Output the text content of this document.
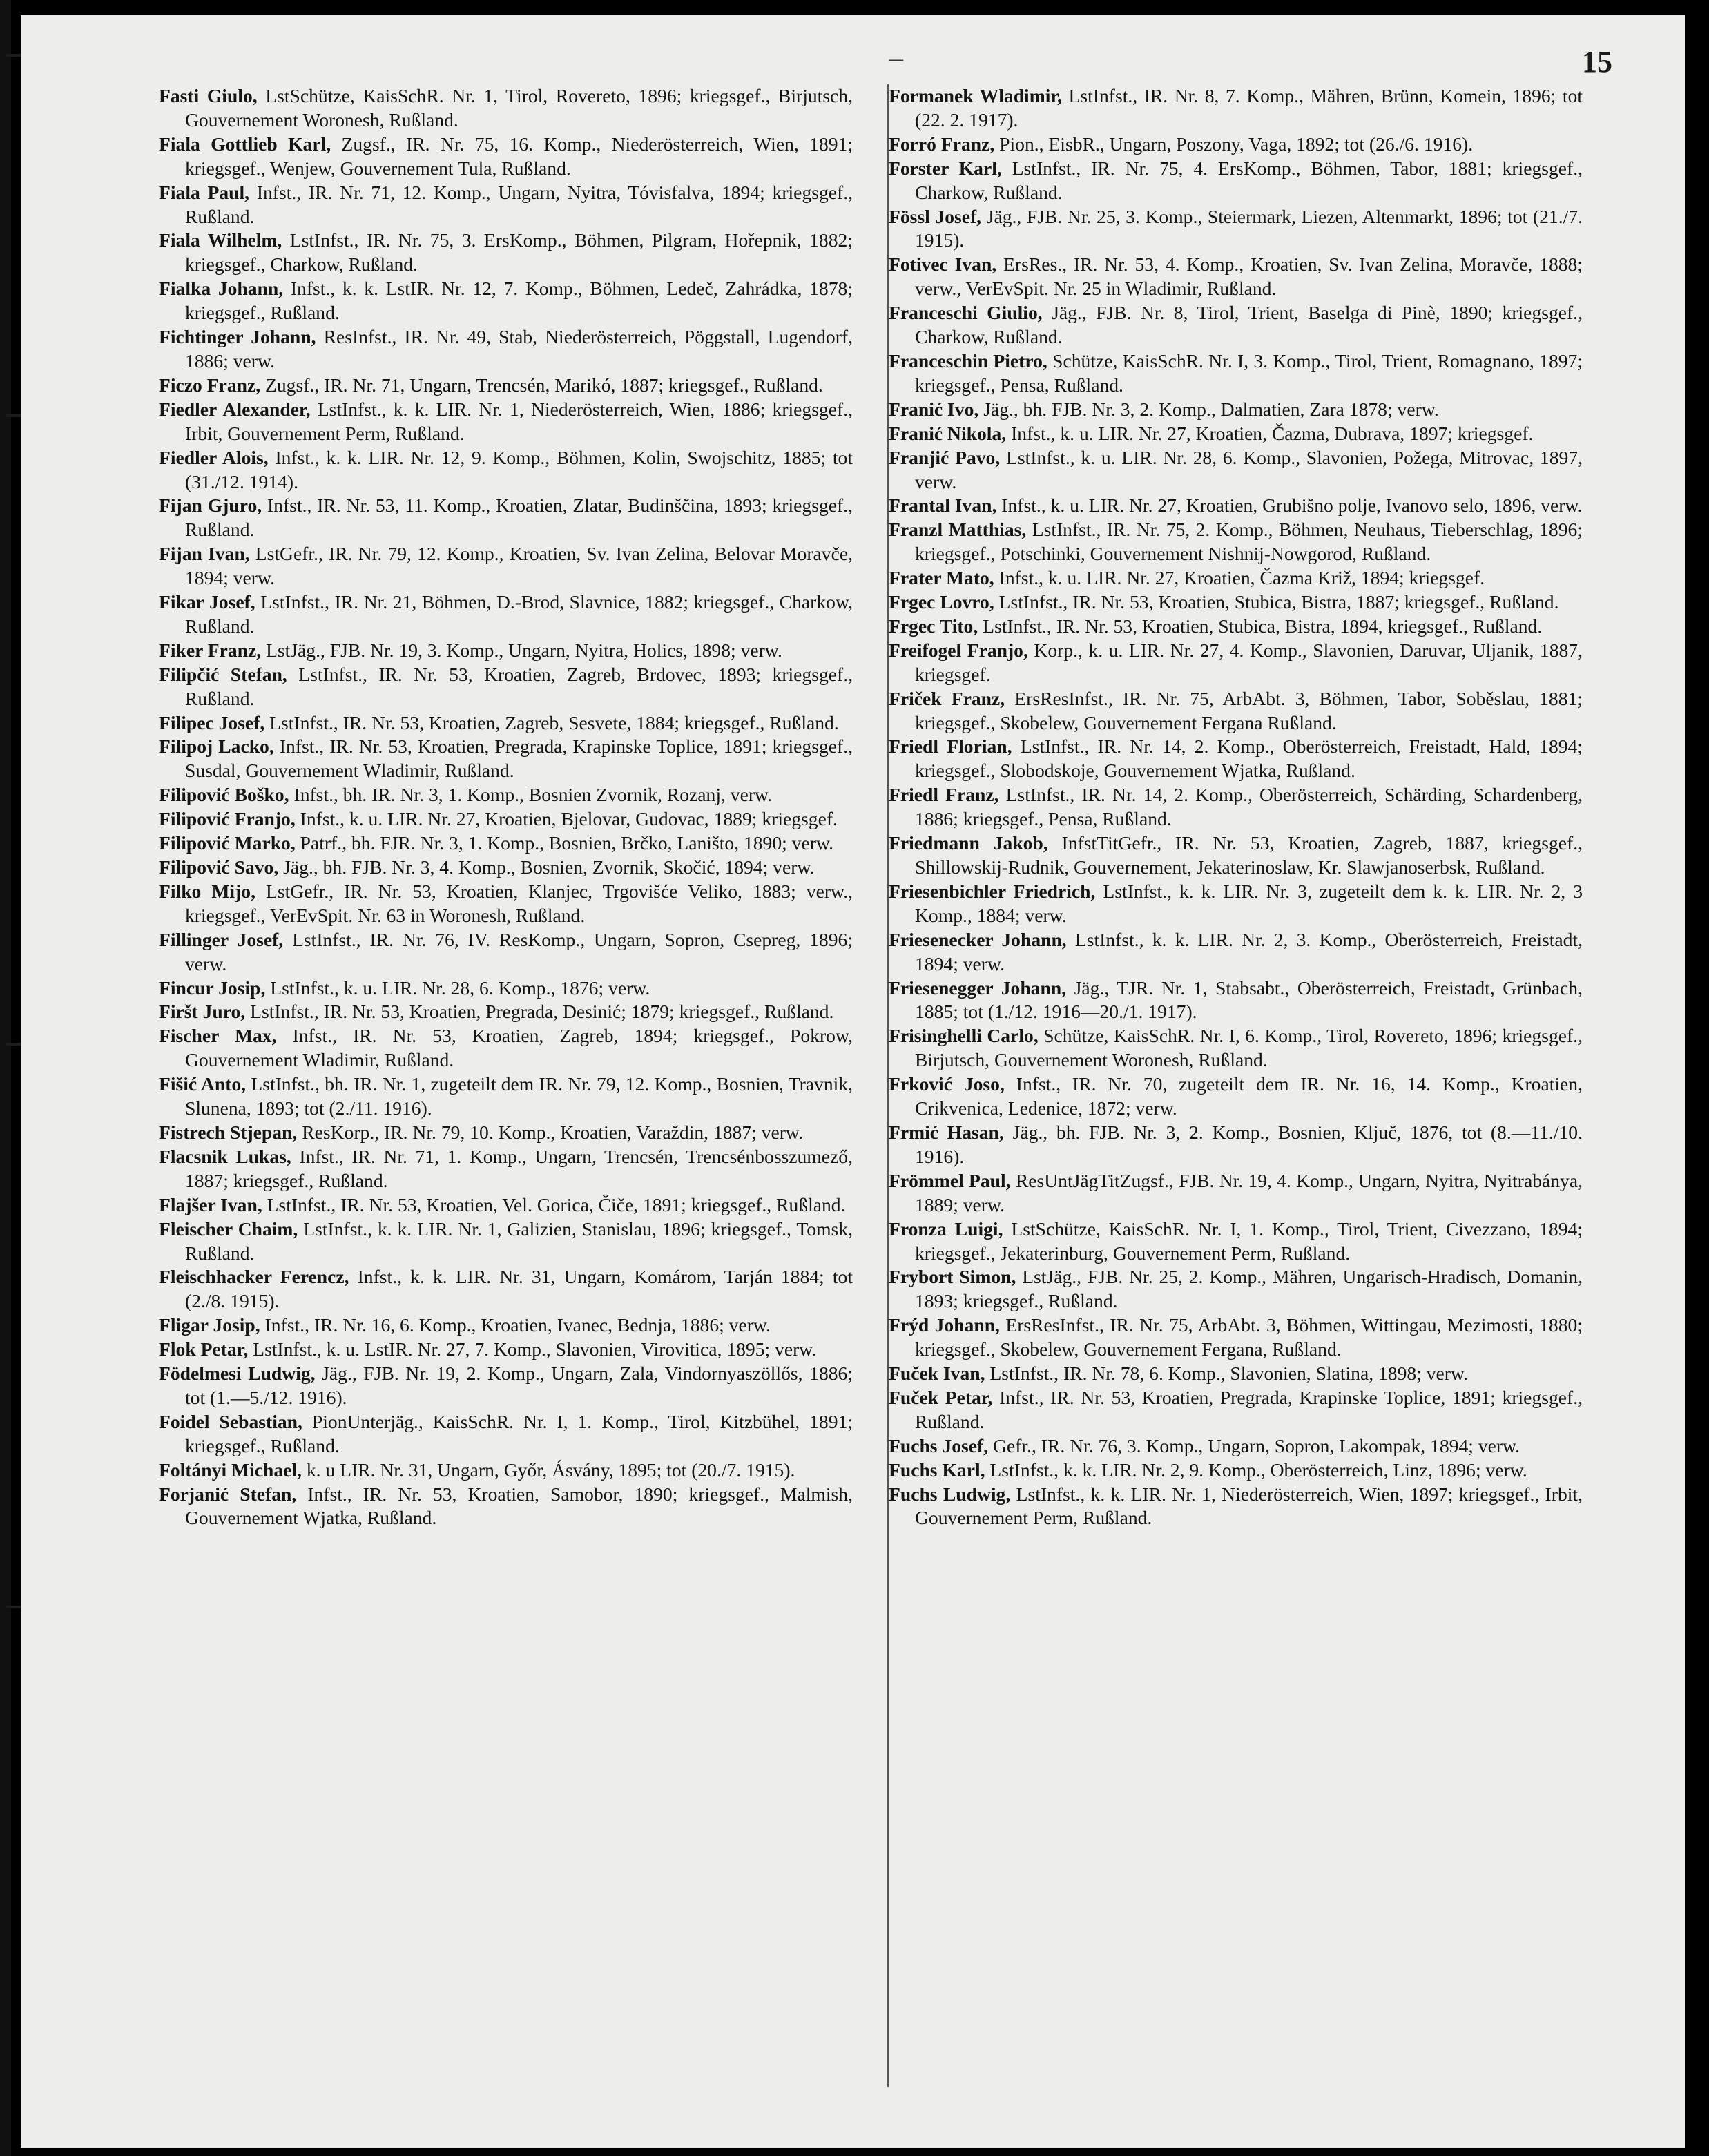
–	15

Fasti Giulo, LstSchütze, KaisSchR. Nr. 1, Tirol, Rovereto, 1896; kriegsgef., Birjutsch, Gouvernement Woronesh, Rußland.

Fiala Gottlieb Karl, Zugsf., IR. Nr. 75, 16. Komp., Niederösterreich, Wien, 1891; kriegsgef., Wenjew, Gouvernement Tula, Rußland.

Fiala Paul, Infst., IR. Nr. 71, 12. Komp., Ungarn, Nyitra, Tóvisfalva, 1894; kriegsgef., Rußland.

Fiala Wilhelm, LstInfst., IR. Nr. 75, 3. ErsKomp., Böhmen, Pilgram, Hořepnik, 1882; kriegsgef., Charkow, Rußland.

Fialka Johann, Infst., k. k. LstIR. Nr. 12, 7. Komp., Böhmen, Ledeč, Zahrádka, 1878; kriegsgef., Rußland.

Fichtinger Johann, ResInfst., IR. Nr. 49, Stab, Niederösterreich, Pöggstall, Lugendorf, 1886; verw.

Ficzo Franz, Zugsf., IR. Nr. 71, Ungarn, Trencsén, Marikó, 1887; kriegsgef., Rußland.

Fiedler Alexander, LstInfst., k. k. LIR. Nr. 1, Niederösterreich, Wien, 1886; kriegsgef., Irbit, Gouvernement Perm, Rußland.

Fiedler Alois, Infst., k. k. LIR. Nr. 12, 9. Komp., Böhmen, Kolin, Swojschitz, 1885; tot (31./12. 1914).

Fijan Gjuro, Infst., IR. Nr. 53, 11. Komp., Kroatien, Zlatar, Budinščina, 1893; kriegsgef., Rußland.

Fijan Ivan, LstGefr., IR. Nr. 79, 12. Komp., Kroatien, Sv. Ivan Zelina, Belovar Moravče, 1894; verw.

Fikar Josef, LstInfst., IR. Nr. 21, Böhmen, D.-Brod, Slavnice, 1882; kriegsgef., Charkow, Rußland.

Fiker Franz, LstJäg., FJB. Nr. 19, 3. Komp., Ungarn, Nyitra, Holics, 1898; verw.

Filipčić Stefan, LstInfst., IR. Nr. 53, Kroatien, Zagreb, Brdovec, 1893; kriegsgef., Rußland.

Filipec Josef, LstInfst., IR. Nr. 53, Kroatien, Zagreb, Sesvete, 1884; kriegsgef., Rußland.

Filipoj Lacko, Infst., IR. Nr. 53, Kroatien, Pregrada, Krapinske Toplice, 1891; kriegsgef., Susdal, Gouvernement Wladimir, Rußland.

Filipović Boško, Infst., bh. IR. Nr. 3, 1. Komp., Bosnien Zvornik, Rozanj, verw.

Filipović Franjo, Infst., k. u. LIR. Nr. 27, Kroatien, Bjelovar, Gudovac, 1889; kriegsgef.

Filipović Marko, Patrf., bh. FJR. Nr. 3, 1. Komp., Bosnien, Brčko, Laništo, 1890; verw.

Filipović Savo, Jäg., bh. FJB. Nr. 3, 4. Komp., Bosnien, Zvornik, Skočić, 1894; verw.

Filko Mijo, LstGefr., IR. Nr. 53, Kroatien, Klanjec, Trgovišće Veliko, 1883; verw., kriegsgef., VerEvSpit. Nr. 63 in Woronesh, Rußland.

Fillinger Josef, LstInfst., IR. Nr. 76, IV. ResKomp., Ungarn, Sopron, Csepreg, 1896; verw.

Fincur Josip, LstInfst., k. u. LIR. Nr. 28, 6. Komp., 1876; verw.

Firšt Juro, LstInfst., IR. Nr. 53, Kroatien, Pregrada, Desinić; 1879; kriegsgef., Rußland.

Fischer Max, Infst., IR. Nr. 53, Kroatien, Zagreb, 1894; kriegsgef., Pokrow, Gouvernement Wladimir, Rußland.

Fišić Anto, LstInfst., bh. IR. Nr. 1, zugeteilt dem IR. Nr. 79, 12. Komp., Bosnien, Travnik, Slunena, 1893; tot (2./11. 1916).

Fistrech Stjepan, ResKorp., IR. Nr. 79, 10. Komp., Kroatien, Varaždin, 1887; verw.

Flacsnik Lukas, Infst., IR. Nr. 71, 1. Komp., Ungarn, Trencsén, Trencsénbosszumező, 1887; kriegsgef., Rußland.

Flajšer Ivan, LstInfst., IR. Nr. 53, Kroatien, Vel. Gorica, Čiče, 1891; kriegsgef., Rußland.

Fleischer Chaim, LstInfst., k. k. LIR. Nr. 1, Galizien, Stanislau, 1896; kriegsgef., Tomsk, Rußland.

Fleischhacker Ferencz, Infst., k. k. LIR. Nr. 31, Ungarn, Komárom, Tarján 1884; tot (2./8. 1915).

Fligar Josip, Infst., IR. Nr. 16, 6. Komp., Kroatien, Ivanec, Bednja, 1886; verw.

Flok Petar, LstInfst., k. u. LstIR. Nr. 27, 7. Komp., Slavonien, Virovitica, 1895; verw.

Födelmesi Ludwig, Jäg., FJB. Nr. 19, 2. Komp., Ungarn, Zala, Vindornyaszöllős, 1886; tot (1.—5./12. 1916).

Foidel Sebastian, PionUnterjäg., KaisSchR. Nr. I, 1. Komp., Tirol, Kitzbühel, 1891; kriegsgef., Rußland.

Foltányi Michael, k. u LIR. Nr. 31, Ungarn, Győr, Ásvány, 1895; tot (20./7. 1915).

Forjanić Stefan, Infst., IR. Nr. 53, Kroatien, Samobor, 1890; kriegsgef., Malmish, Gouvernement Wjatka, Rußland.

Formanek Wladimir, LstInfst., IR. Nr. 8, 7. Komp., Mähren, Brünn, Komein, 1896; tot (22. 2. 1917).

Forró Franz, Pion., EisbR., Ungarn, Poszony, Vaga, 1892; tot (26./6. 1916).

Forster Karl, LstInfst., IR. Nr. 75, 4. ErsKomp., Böhmen, Tabor, 1881; kriegsgef., Charkow, Rußland.

Fössl Josef, Jäg., FJB. Nr. 25, 3. Komp., Steiermark, Liezen, Altenmarkt, 1896; tot (21./7. 1915).

Fotivec Ivan, ErsRes., IR. Nr. 53, 4. Komp., Kroatien, Sv. Ivan Zelina, Moravče, 1888; verw., VerEvSpit. Nr. 25 in Wladimir, Rußland.

Franceschi Giulio, Jäg., FJB. Nr. 8, Tirol, Trient, Baselga di Pinè, 1890; kriegsgef., Charkow, Rußland.

Franceschin Pietro, Schütze, KaisSchR. Nr. I, 3. Komp., Tirol, Trient, Romagnano, 1897; kriegsgef., Pensa, Rußland.

Franić Ivo, Jäg., bh. FJB. Nr. 3, 2. Komp., Dalmatien, Zara 1878; verw.

Franić Nikola, Infst., k. u. LIR. Nr. 27, Kroatien, Čazma, Dubrava, 1897; kriegsgef.

Franjić Pavo, LstInfst., k. u. LIR. Nr. 28, 6. Komp., Slavonien, Požega, Mitrovac, 1897, verw.

Frantal Ivan, Infst., k. u. LIR. Nr. 27, Kroatien, Grubišno polje, Ivanovo selo, 1896, verw.

Franzl Matthias, LstInfst., IR. Nr. 75, 2. Komp., Böhmen, Neuhaus, Tieberschlag, 1896; kriegsgef., Potschinki, Gouvernement Nishnij-Nowgorod, Rußland.

Frater Mato, Infst., k. u. LIR. Nr. 27, Kroatien, Čazma Križ, 1894; kriegsgef.

Frgec Lovro, LstInfst., IR. Nr. 53, Kroatien, Stubica, Bistra, 1887; kriegsgef., Rußland.

Frgec Tito, LstInfst., IR. Nr. 53, Kroatien, Stubica, Bistra, 1894, kriegsgef., Rußland.

Freifogel Franjo, Korp., k. u. LIR. Nr. 27, 4. Komp., Slavonien, Daruvar, Uljanik, 1887, kriegsgef.

Friček Franz, ErsResInfst., IR. Nr. 75, ArbAbt. 3, Böhmen, Tabor, Soběslau, 1881; kriegsgef., Skobelew, Gouvernement Fergana Rußland.

Friedl Florian, LstInfst., IR. Nr. 14, 2. Komp., Oberösterreich, Freistadt, Hald, 1894; kriegsgef., Slobodskoje, Gouvernement Wjatka, Rußland.

Friedl Franz, LstInfst., IR. Nr. 14, 2. Komp., Oberösterreich, Schärding, Schardenberg, 1886; kriegsgef., Pensa, Rußland.

Friedmann Jakob, InfstTitGefr., IR. Nr. 53, Kroatien, Zagreb, 1887, kriegsgef., Shillowskij-Rudnik, Gouvernement, Jekaterinoslaw, Kr. Slawjanoserbsk, Rußland.

Friesenbichler Friedrich, LstInfst., k. k. LIR. Nr. 3, zugeteilt dem k. k. LIR. Nr. 2, 3 Komp., 1884; verw.

Friesenecker Johann, LstInfst., k. k. LIR. Nr. 2, 3. Komp., Oberösterreich, Freistadt, 1894; verw.

Friesenegger Johann, Jäg., TJR. Nr. 1, Stabsabt., Oberösterreich, Freistadt, Grünbach, 1885; tot (1./12. 1916—20./1. 1917).

Frisinghelli Carlo, Schütze, KaisSchR. Nr. I, 6. Komp., Tirol, Rovereto, 1896; kriegsgef., Birjutsch, Gouvernement Woronesh, Rußland.

Frković Joso, Infst., IR. Nr. 70, zugeteilt dem IR. Nr. 16, 14. Komp., Kroatien, Crikvenica, Ledenice, 1872; verw.

Frmić Hasan, Jäg., bh. FJB. Nr. 3, 2. Komp., Bosnien, Ključ, 1876, tot (8.—11./10. 1916).

Frömmel Paul, ResUntJägTitZugsf., FJB. Nr. 19, 4. Komp., Ungarn, Nyitra, Nyitrabánya, 1889; verw.

Fronza Luigi, LstSchütze, KaisSchR. Nr. I, 1. Komp., Tirol, Trient, Civezzano, 1894; kriegsgef., Jekaterinburg, Gouvernement Perm, Rußland.

Frybort Simon, LstJäg., FJB. Nr. 25, 2. Komp., Mähren, Ungarisch-Hradisch, Domanin, 1893; kriegsgef., Rußland.

Frýd Johann, ErsResInfst., IR. Nr. 75, ArbAbt. 3, Böhmen, Wittingau, Mezimosti, 1880; kriegsgef., Skobelew, Gouvernement Fergana, Rußland.

Fuček Ivan, LstInfst., IR. Nr. 78, 6. Komp., Slavonien, Slatina, 1898; verw.

Fuček Petar, Infst., IR. Nr. 53, Kroatien, Pregrada, Krapinske Toplice, 1891; kriegsgef., Rußland.

Fuchs Josef, Gefr., IR. Nr. 76, 3. Komp., Ungarn, Sopron, Lakompak, 1894; verw.

Fuchs Karl, LstInfst., k. k. LIR. Nr. 2, 9. Komp., Oberösterreich, Linz, 1896; verw.

Fuchs Ludwig, LstInfst., k. k. LIR. Nr. 1, Niederösterreich, Wien, 1897; kriegsgef., Irbit, Gouvernement Perm, Rußland.
